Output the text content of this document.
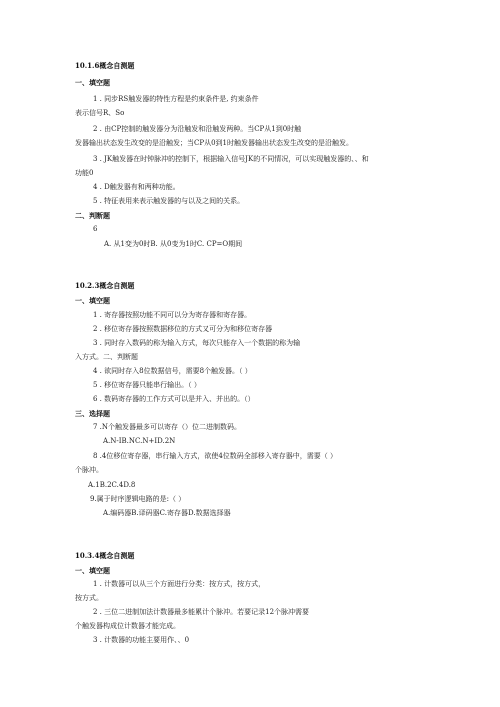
10.1.6概念自测题
一、填空题
1 . 同步RS触发器的特性方程是约束条件是, 约束条件
表示信号R、So
2 . 由CP控制的触发器分为沿触发和沿触发两种。当CP从1到0时触
发器输出状态发生改变的是沿触发；当CP从0到1时触发器输出状态发生改变的是沿触发。
3 . JK触发器在时钟脉冲的控制下，根据输入信号JK的不同情况，可以实现触发器的、、和
功能0
4 . D触发器有和两种功能。
5 . 特征表用来表示触发器的与以及之间的关系。
二、判断题
6
A. 从1变为0时B. 从0变为1时C. CP=O期间
10.2.3概念自测题
一、填空题
1 . 寄存器按照功能不同可以分为寄存器和寄存器。
2 . 移位寄存器按照数据移位的方式又可分为和移位寄存器
3 . 同时存入数码的称为输入方式，每次只能存入一个数据的称为输
入方式。二、判断题
4 . 欲同时存入8位数据信号，需要8个触发器。（ ）
5 . 移位寄存器只能串行输出。（ ）
6 . 数码寄存器的工作方式可以是并入、并出的。（）
三、选择题
7 .N个触发器最多可以寄存（）位二进制数码。
A.N-IB.NC.N+ID.2N
8 .4位移位寄存器，串行输入方式，欲使4位数码全部移入寄存器中，需要（ ）
个脉冲。
A.1B.2C.4D.8
9.属于时序逻辑电路的是:（ ）
A.编码器B.译码器C.寄存器D.数据选择器
10.3.4概念自测题
一、填空题
1 . 计数器可以从三个方面进行分类：按方式，按方式，
按方式。
2 . 三位二进制加法计数器最多能累计个脉冲。若要记录12个脉冲需要
个触发器构成位计数器才能完成。
3 . 计数器的功能主要用作、、0
